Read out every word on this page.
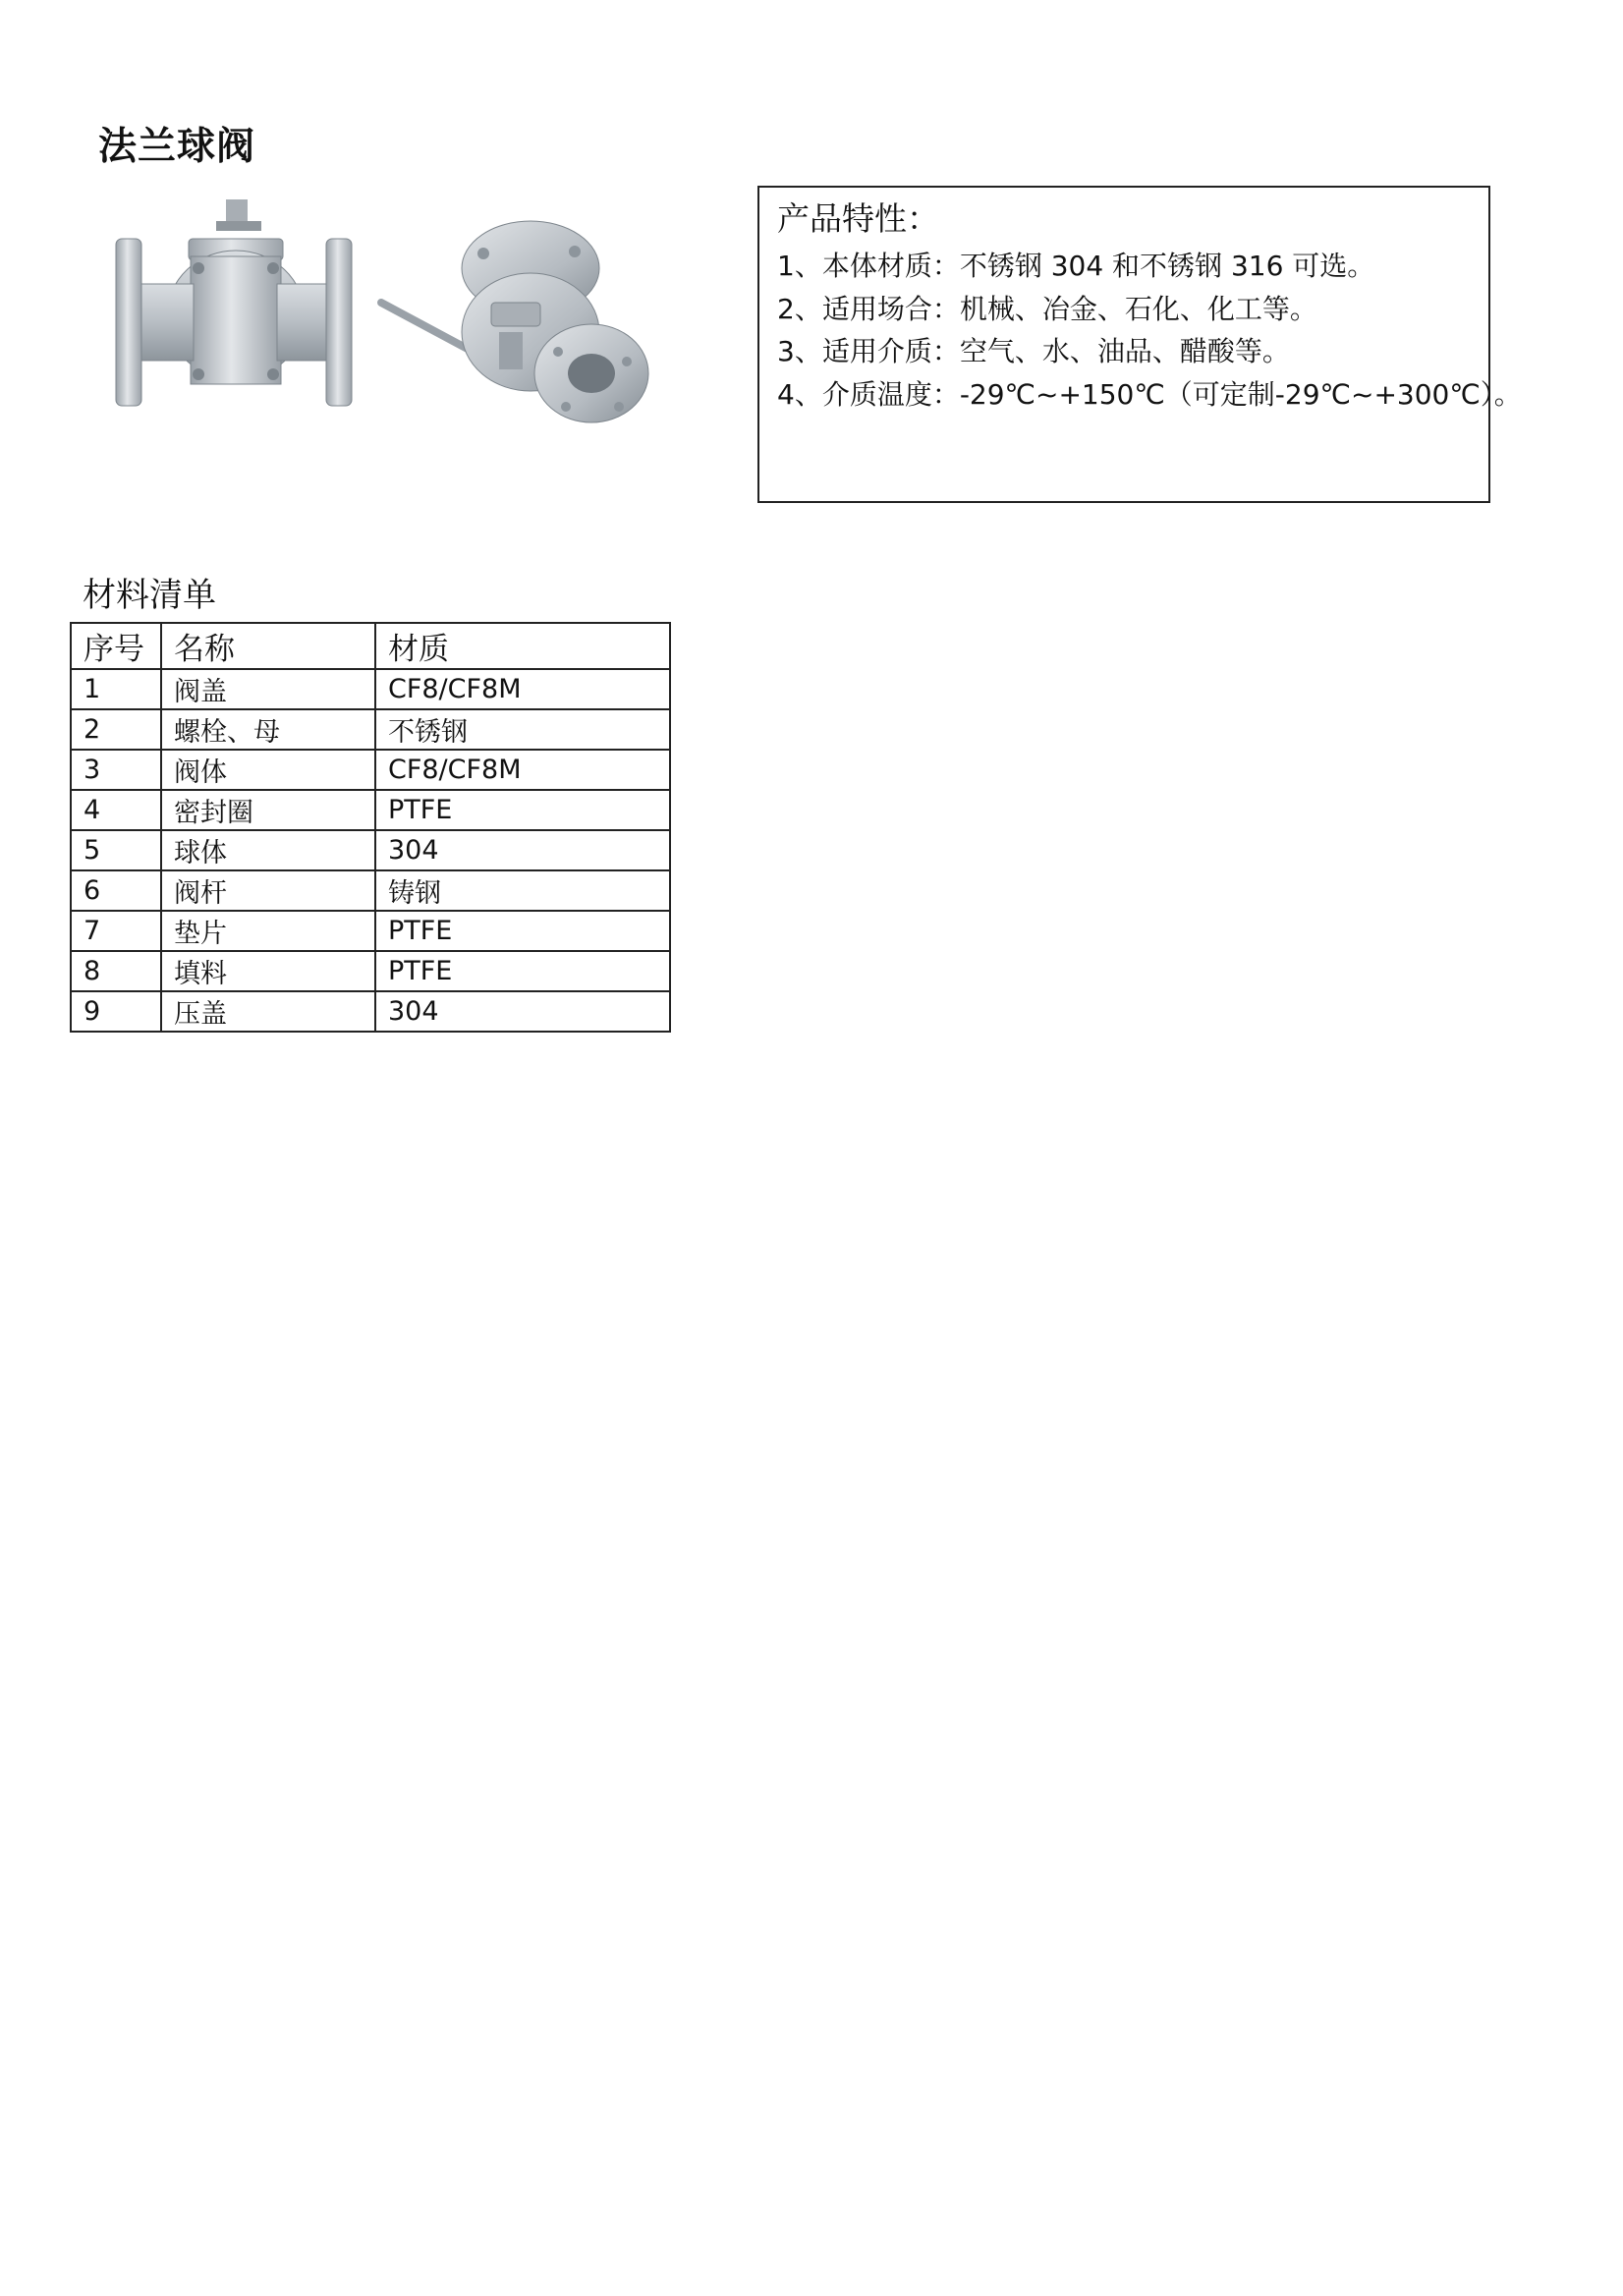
法兰球阀
产品特性：
1、本体材质：不锈钢 304 和不锈钢 316 可选。
2、适用场合：机械、冶金、石化、化工等。
3、适用介质：空气、水、油品、醋酸等。
4、介质温度：-29℃~+150℃（可定制-29℃~+300℃）。
材料清单
序号	名称	材质
1	阀盖	CF8/CF8M
2	螺栓、母	不锈钢
3	阀体	CF8/CF8M
4	密封圈	PTFE
5	球体	304
6	阀杆	铸钢
7	垫片	PTFE
8	填料	PTFE
9	压盖	304
